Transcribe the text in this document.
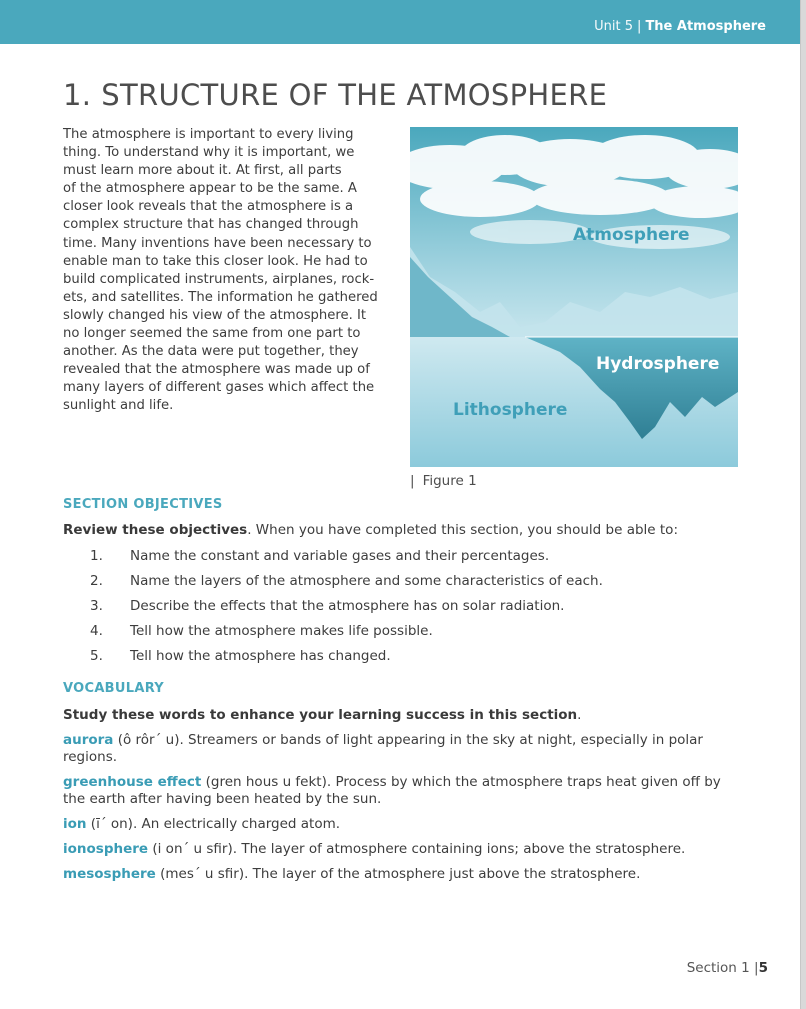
Unit 5 | The Atmosphere
1. STRUCTURE OF THE ATMOSPHERE
The atmosphere is important to every living
thing. To understand why it is important, we
must learn more about it. At first, all parts
of the atmosphere appear to be the same. A
closer look reveals that the atmosphere is a
complex structure that has changed through
time. Many inventions have been necessary to
enable man to take this closer look. He had to
build complicated instruments, airplanes, rock-
ets, and satellites. The information he gathered
slowly changed his view of the atmosphere. It
no longer seemed the same from one part to
another. As the data were put together, they
revealed that the atmosphere was made up of
many layers of different gases which affect the
sunlight and life.
Atmosphere
Hydrosphere
Lithosphere
| Figure 1
SECTION OBJECTIVES
Review these objectives. When you have completed this section, you should be able to:
1. Name the constant and variable gases and their percentages.
2. Name the layers of the atmosphere and some characteristics of each.
3. Describe the effects that the atmosphere has on solar radiation.
4. Tell how the atmosphere makes life possible.
5. Tell how the atmosphere has changed.
VOCABULARY
Study these words to enhance your learning success in this section.

aurora (ô rôr´ u). Streamers or bands of light appearing in the sky at night, especially in polar regions.

greenhouse effect (gren hous u fekt). Process by which the atmosphere traps heat given off by the earth after having been heated by the sun.

ion (ī´ on). An electrically charged atom.

ionosphere (i on´ u sfir). The layer of atmosphere containing ions; above the stratosphere.

mesosphere (mes´ u sfir). The layer of the atmosphere just above the stratosphere.

Section 1 |5
